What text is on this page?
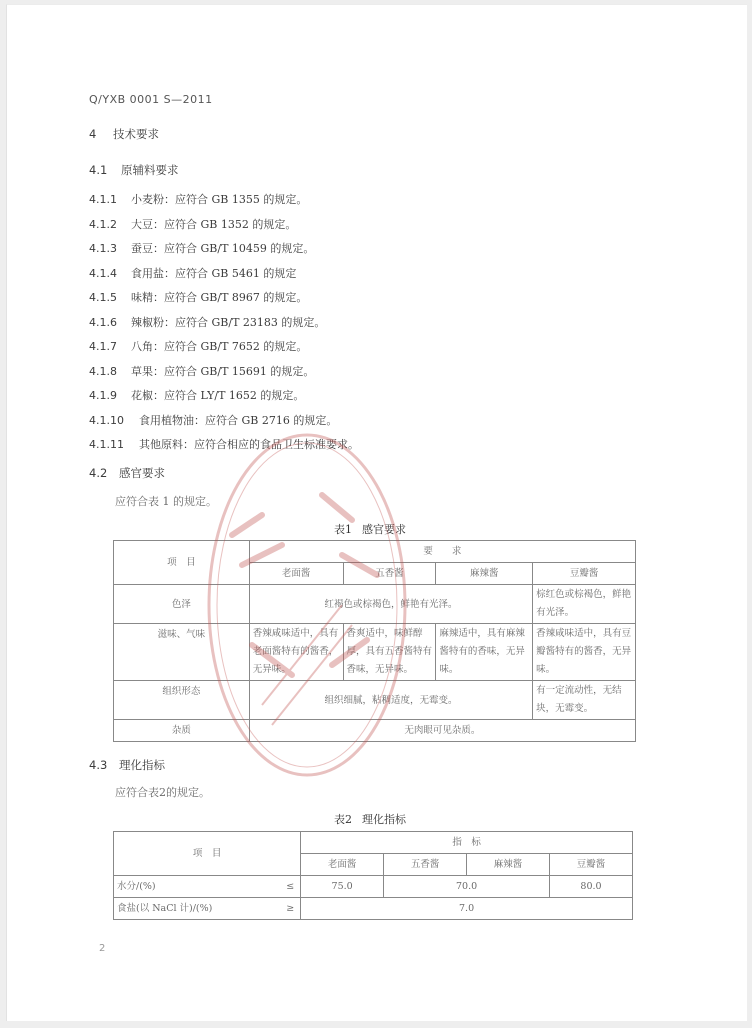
Q/YXB 0001 S—2011
4 技术要求
4.1 原辅料要求
4.1.1 小麦粉：应符合 GB 1355 的规定。
4.1.2 大豆：应符合 GB 1352 的规定。
4.1.3 蚕豆：应符合 GB/T 10459 的规定。
4.1.4 食用盐：应符合 GB 5461 的规定
4.1.5 味精：应符合 GB/T 8967 的规定。
4.1.6 辣椒粉：应符合 GB/T 23183 的规定。
4.1.7 八角：应符合 GB/T 7652 的规定。
4.1.8 草果：应符合 GB/T 15691 的规定。
4.1.9 花椒：应符合 LY/T 1652 的规定。
4.1.10 食用植物油：应符合 GB 2716 的规定。
4.1.11 其他原料：应符合相应的食品卫生标准要求。
4.2 感官要求
应符合表 1 的规定。
表1 感官要求
项　目	要　　求			
	老面酱	五香酱	麻辣酱	豆瓣酱
色泽	红褐色或棕褐色，鲜艳有光泽。			棕红色或棕褐色，鲜艳有光泽。
滋味、气味	香辣咸味适中，具有老面酱特有的酱香，无异味。	香爽适中，味鲜醇厚，具有五香酱特有香味，无异味。	麻辣适中，具有麻辣酱特有的香味，无异味。	香辣咸味适中，具有豆瓣酱特有的酱香，无异味。
组织形态	组织细腻，粘稠适度，无霉变。			有一定流动性，无结块，无霉变。
杂质	无肉眼可见杂质。			
4.3 理化指标
应符合表2的规定。
表2 理化指标
项　目		指　标			
		老面酱	五香酱	麻辣酱	豆瓣酱
水分/(%)	≤	75.0	70.0		80.0
食盐(以 NaCl 计)/(%)	≥	7.0			
2
